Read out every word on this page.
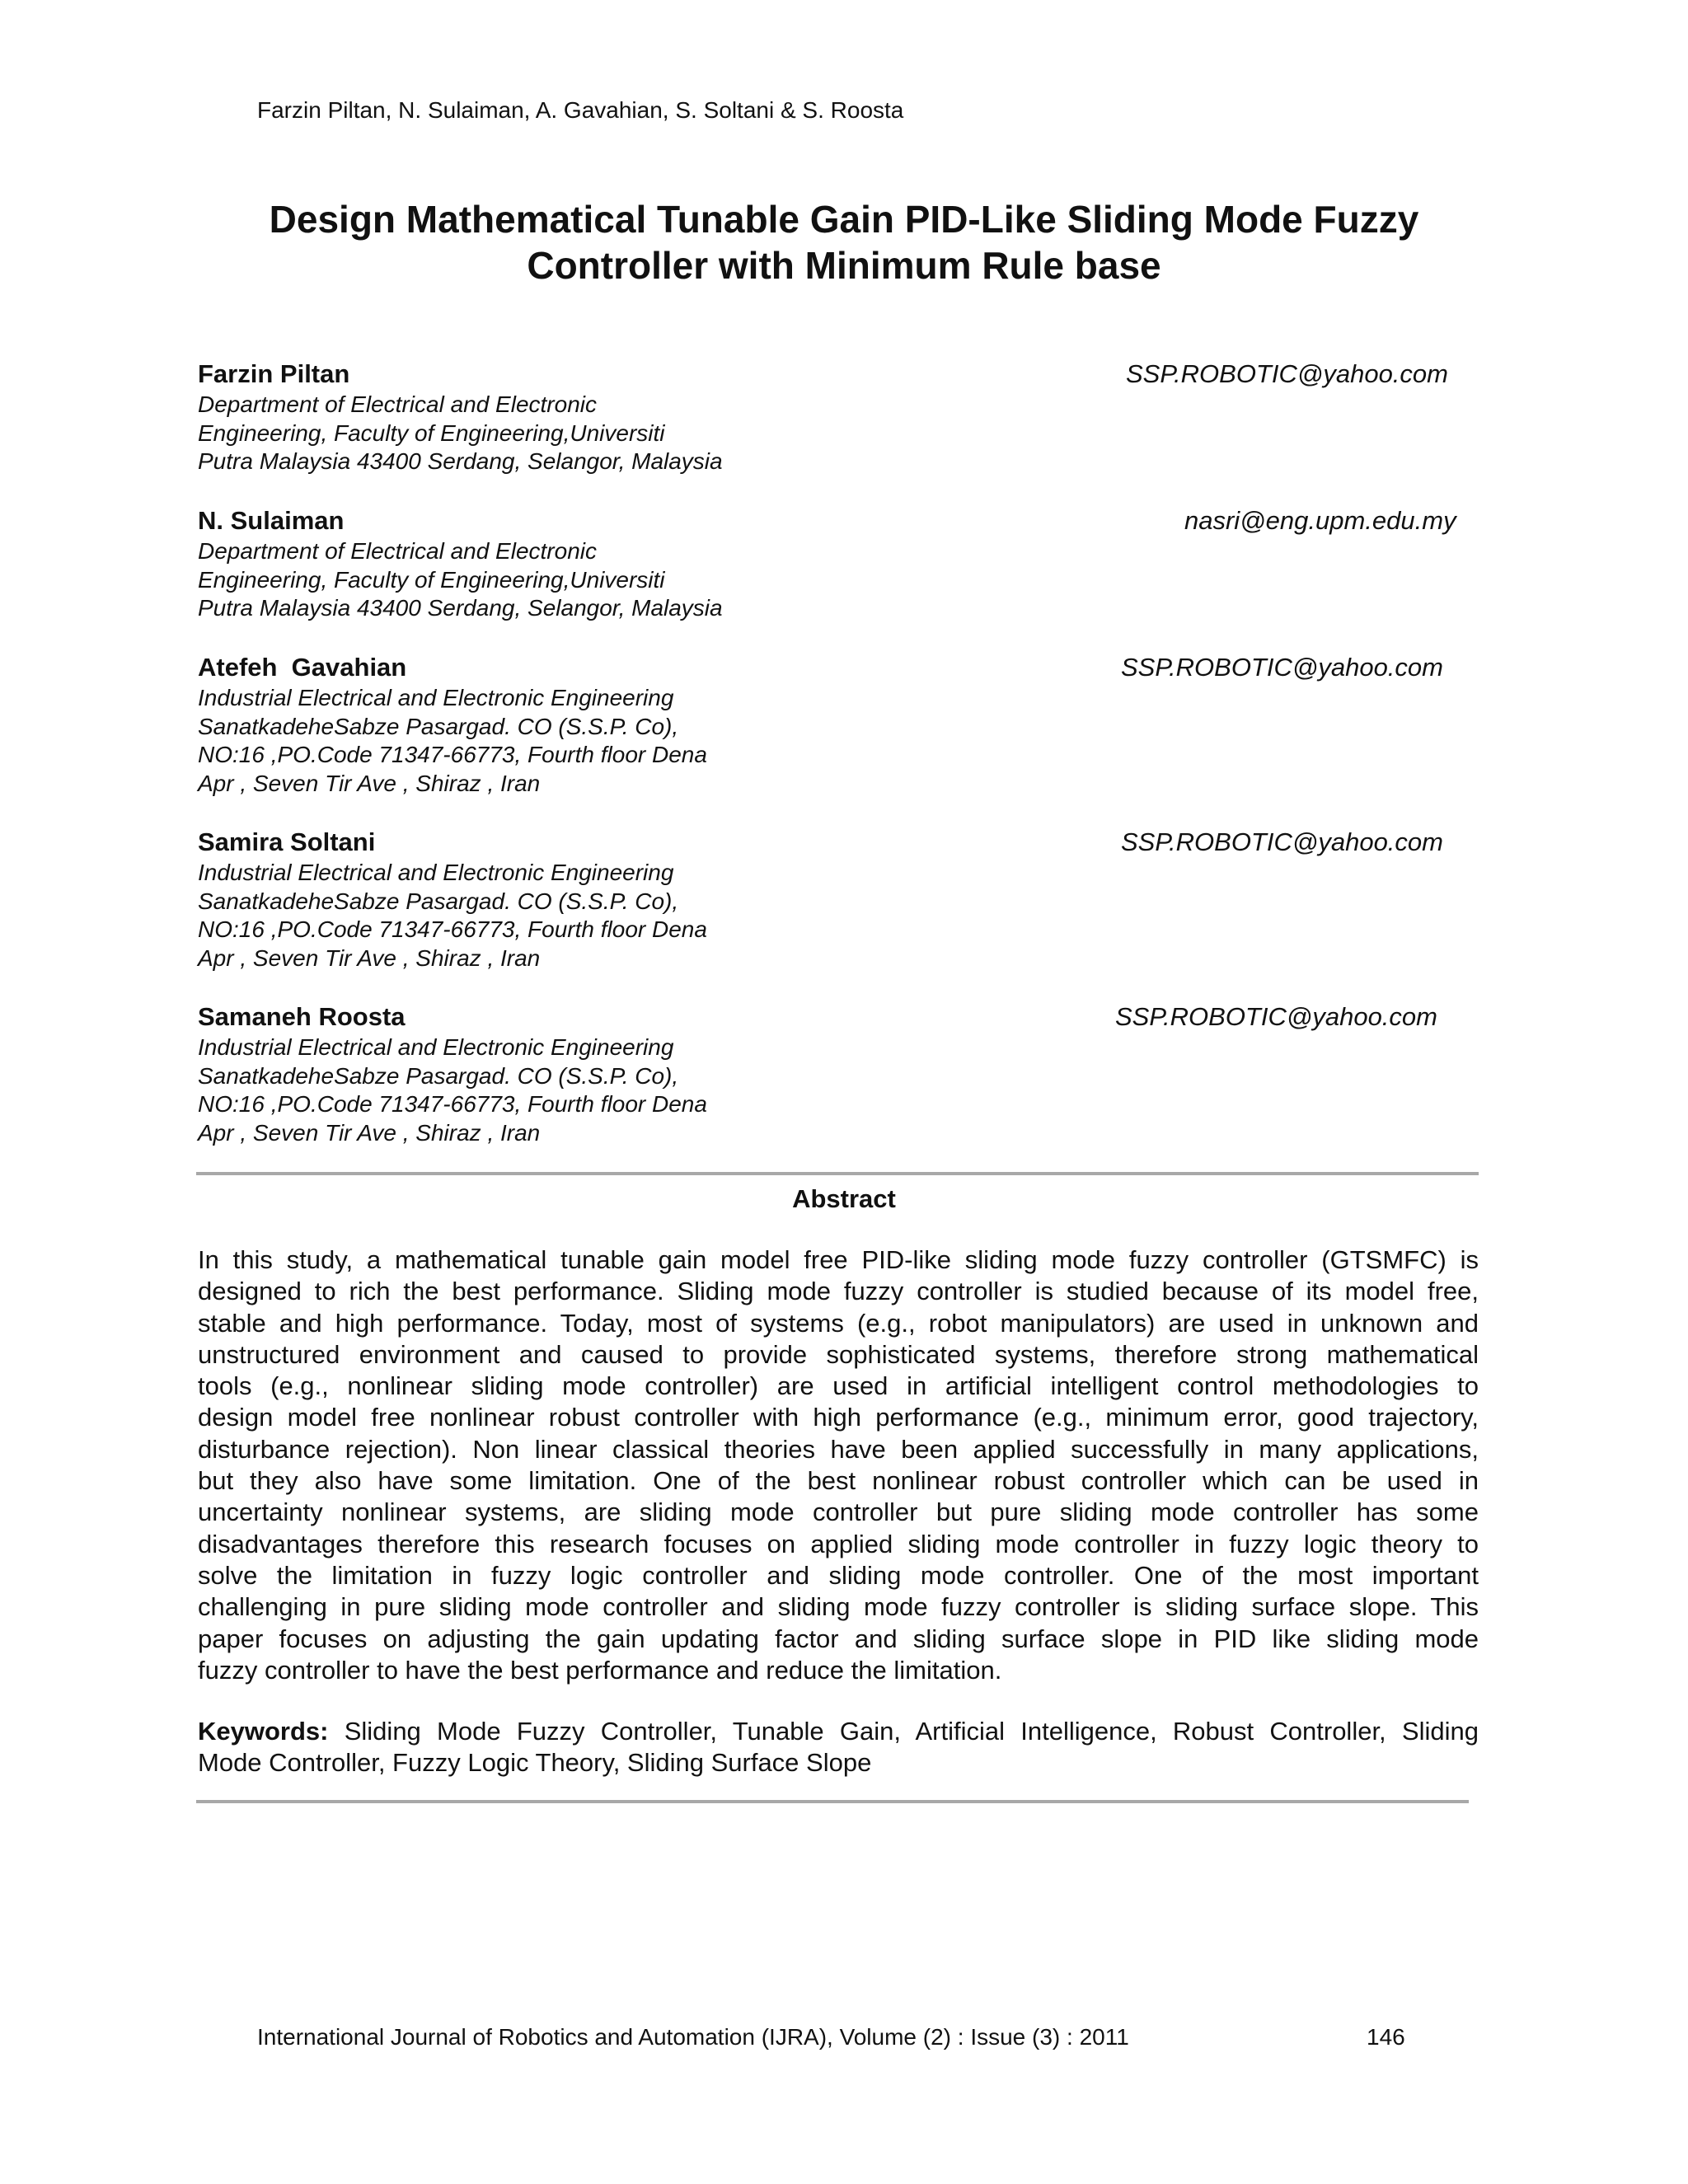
Farzin Piltan, N. Sulaiman, A. Gavahian, S. Soltani & S. Roosta
Design Mathematical Tunable Gain PID-Like Sliding Mode Fuzzy
Controller with Minimum Rule base
Farzin Piltan	SSP.ROBOTIC@yahoo.com
Department of Electrical and Electronic
Engineering, Faculty of Engineering,Universiti
Putra Malaysia 43400 Serdang, Selangor, Malaysia
N. Sulaiman	nasri@eng.upm.edu.my
Department of Electrical and Electronic
Engineering, Faculty of Engineering,Universiti
Putra Malaysia 43400 Serdang, Selangor, Malaysia
Atefeh  Gavahian	SSP.ROBOTIC@yahoo.com
Industrial Electrical and Electronic Engineering
SanatkadeheSabze Pasargad. CO (S.S.P. Co),
NO:16 ,PO.Code 71347-66773, Fourth floor Dena
Apr , Seven Tir Ave , Shiraz , Iran
Samira Soltani	SSP.ROBOTIC@yahoo.com
Industrial Electrical and Electronic Engineering
SanatkadeheSabze Pasargad. CO (S.S.P. Co),
NO:16 ,PO.Code 71347-66773, Fourth floor Dena
Apr , Seven Tir Ave , Shiraz , Iran
Samaneh Roosta	SSP.ROBOTIC@yahoo.com
Industrial Electrical and Electronic Engineering
SanatkadeheSabze Pasargad. CO (S.S.P. Co),
NO:16 ,PO.Code 71347-66773, Fourth floor Dena
Apr , Seven Tir Ave , Shiraz , Iran
Abstract
In this study, a mathematical tunable gain model free PID-like sliding mode fuzzy controller (GTSMFC) is
designed to rich the best performance. Sliding mode fuzzy controller is studied because of its model free,
stable and high performance. Today, most of systems (e.g., robot manipulators) are used in unknown and
unstructured environment and caused to provide sophisticated systems, therefore strong mathematical
tools (e.g., nonlinear sliding mode controller) are used in artificial intelligent control methodologies to
design model free nonlinear robust controller with high performance (e.g., minimum error, good trajectory,
disturbance rejection). Non linear classical theories have been applied successfully in many applications,
but they also have some limitation. One of the best nonlinear robust controller which can be used in
uncertainty nonlinear systems, are sliding mode controller but pure sliding mode controller has some
disadvantages therefore this research focuses on applied sliding mode controller in fuzzy logic theory to
solve the limitation in fuzzy logic controller and sliding mode controller. One of the most important
challenging in pure sliding mode controller and sliding mode fuzzy controller is sliding surface slope. This
paper focuses on adjusting the gain updating factor and sliding surface slope in PID like sliding mode
fuzzy controller to have the best performance and reduce the limitation.
Keywords: Sliding Mode Fuzzy Controller, Tunable Gain, Artificial Intelligence, Robust Controller, Sliding
Mode Controller, Fuzzy Logic Theory, Sliding Surface Slope
International Journal of Robotics and Automation (IJRA), Volume (2) : Issue (3) : 2011	146
